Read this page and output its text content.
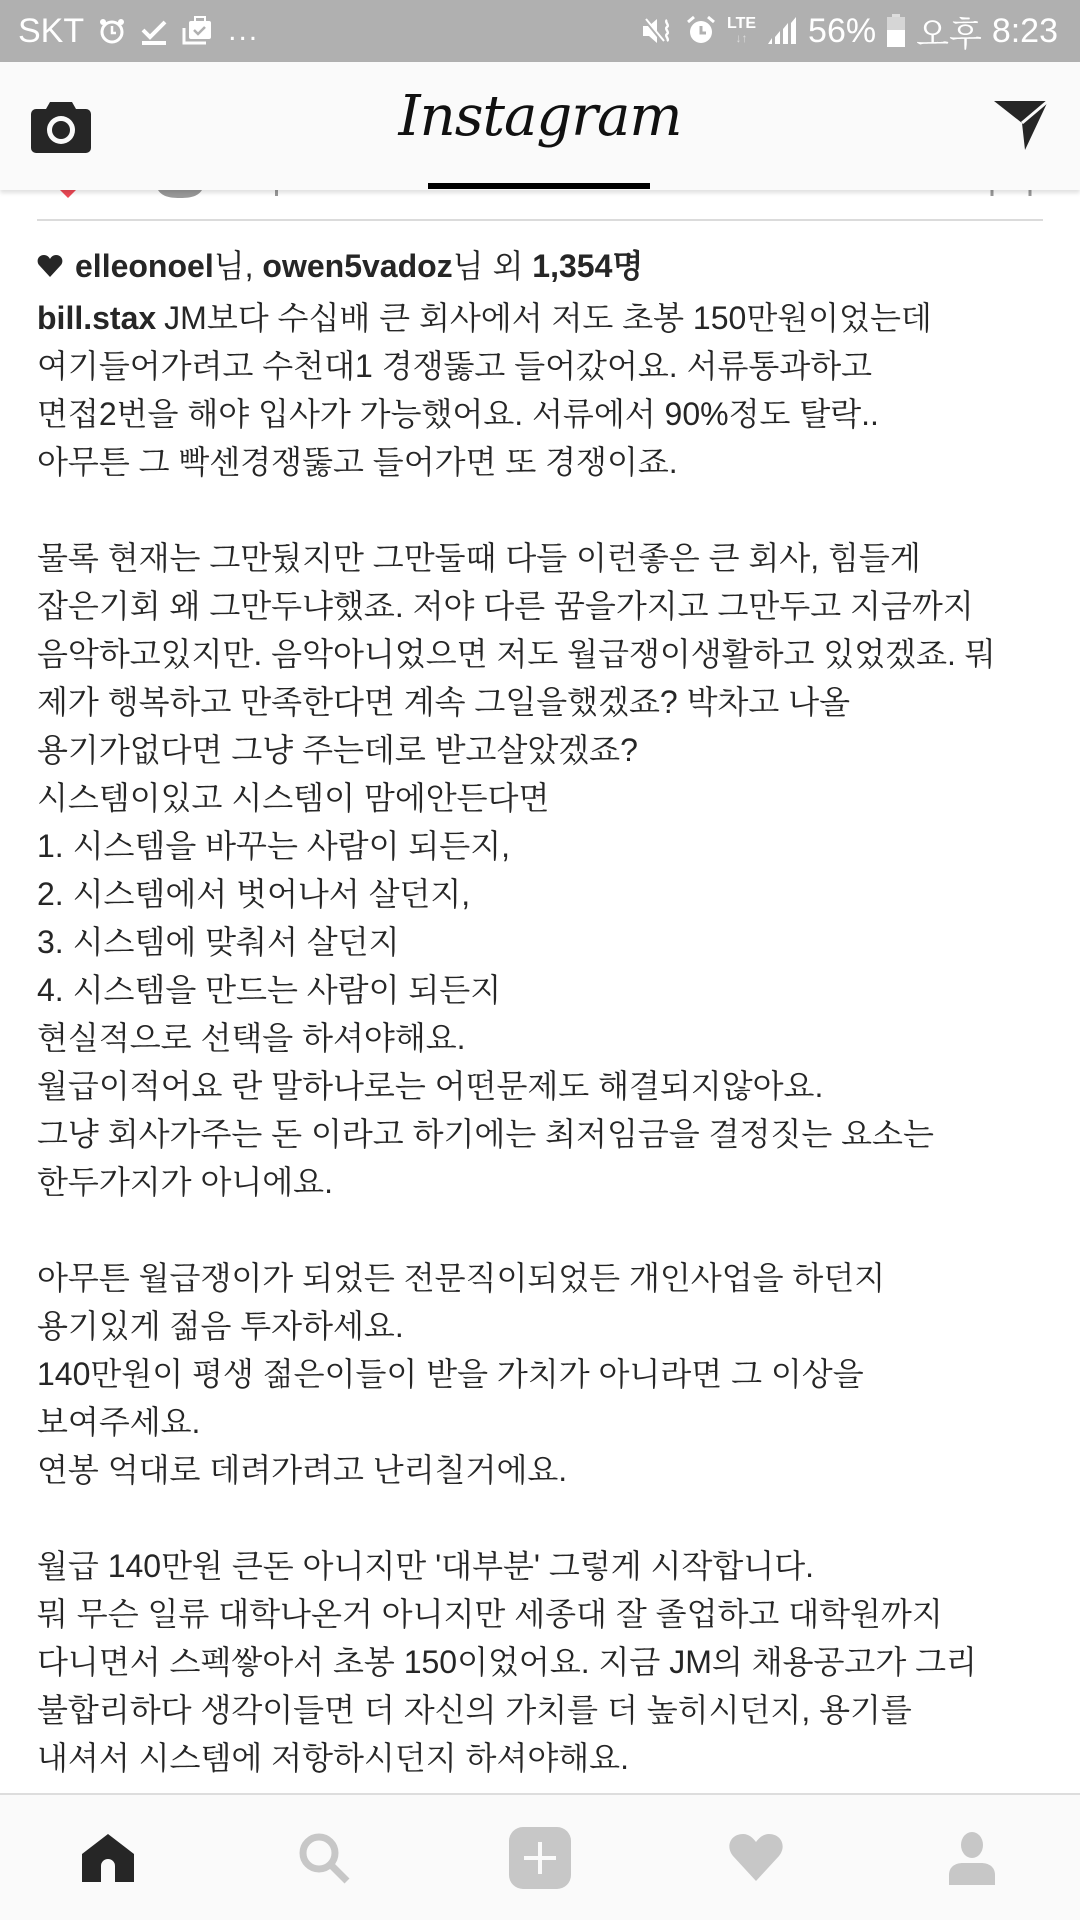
SKT	...	LTE
↓↑ 56% 오후 8:23
Instagram
elleonoel 님,
owen5vadoz 님 외
1,354명

bill.stax JM보다 수십배 큰 회사에서 저도 초봉 150만원이었는데

여기들어가려고 수천대1 경쟁뚫고 들어갔어요. 서류통과하고

면접2번을 해야 입사가 가능했어요. 서류에서 90%정도 탈락..

아무튼 그 빡센경쟁뚫고 들어가면 또 경쟁이죠.

물록 현재는 그만뒀지만 그만둘때 다들 이런좋은 큰 회사, 힘들게

잡은기회 왜 그만두냐했죠. 저야 다른 꿈을가지고 그만두고 지금까지

음악하고있지만. 음악아니었으면 저도 월급쟁이생활하고 있었겠죠. 뭐

제가 행복하고 만족한다면 계속 그일을했겠죠? 박차고 나올

용기가없다면 그냥 주는데로 받고살았겠죠?

시스템이있고 시스템이 맘에안든다면

1. 시스템을 바꾸는 사람이 되든지,

2. 시스템에서 벗어나서 살던지,

3. 시스템에 맞춰서 살던지

4. 시스템을 만드는 사람이 되든지

현실적으로 선택을 하셔야해요.

월급이적어요 란 말하나로는 어떤문제도 해결되지않아요.

그냥 회사가주는 돈 이라고 하기에는 최저임금을 결정짓는 요소는

한두가지가 아니에요.

아무튼 월급쟁이가 되었든 전문직이되었든 개인사업을 하던지

용기있게 젊음 투자하세요.

140만원이 평생 젊은이들이 받을 가치가 아니라면 그 이상을

보여주세요.

연봉 억대로 데려가려고 난리칠거에요.

월급 140만원 큰돈 아니지만 '대부분' 그렇게 시작합니다.

뭐 무슨 일류 대학나온거 아니지만 세종대 잘 졸업하고 대학원까지

다니면서 스펙쌓아서 초봉 150이었어요. 지금 JM의 채용공고가 그리

불합리하다 생각이들면 더 자신의 가치를 더 높히시던지, 용기를

내셔서 시스템에 저항하시던지 하셔야해요.
